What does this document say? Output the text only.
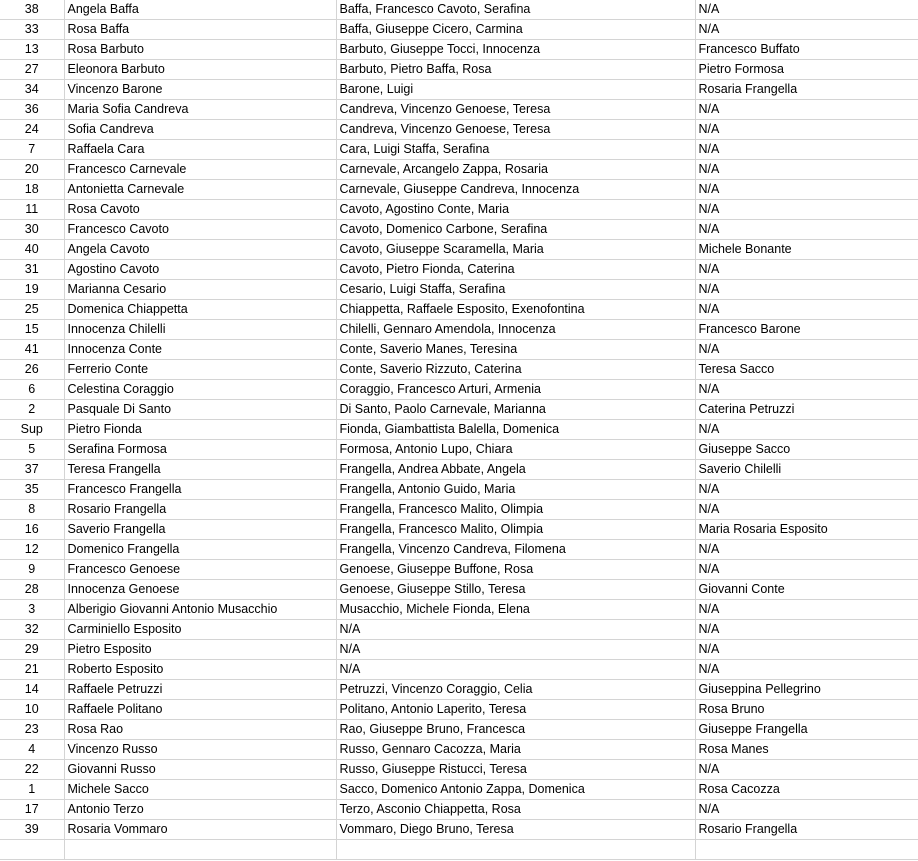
38	Angela Baffa	Baffa, Francesco Cavoto, Serafina	N/A
33	Rosa Baffa	Baffa, Giuseppe Cicero, Carmina	N/A
13	Rosa Barbuto	Barbuto, Giuseppe Tocci, Innocenza	Francesco Buffato
27	Eleonora Barbuto	Barbuto, Pietro Baffa, Rosa	Pietro Formosa
34	Vincenzo Barone	Barone, Luigi	Rosaria Frangella
36	Maria Sofia Candreva	Candreva, Vincenzo Genoese, Teresa	N/A
24	Sofia Candreva	Candreva, Vincenzo Genoese, Teresa	N/A
7	Raffaela Cara	Cara, Luigi Staffa, Serafina	N/A
20	Francesco Carnevale	Carnevale, Arcangelo Zappa, Rosaria	N/A
18	Antonietta Carnevale	Carnevale, Giuseppe Candreva, Innocenza	N/A
11	Rosa Cavoto	Cavoto, Agostino Conte, Maria	N/A
30	Francesco Cavoto	Cavoto, Domenico Carbone, Serafina	N/A
40	Angela Cavoto	Cavoto, Giuseppe Scaramella, Maria	Michele Bonante
31	Agostino Cavoto	Cavoto, Pietro Fionda, Caterina	N/A
19	Marianna Cesario	Cesario, Luigi Staffa, Serafina	N/A
25	Domenica Chiappetta	Chiappetta, Raffaele Esposito, Exenofontina	N/A
15	Innocenza Chilelli	Chilelli, Gennaro Amendola, Innocenza	Francesco Barone
41	Innocenza Conte	Conte, Saverio Manes, Teresina	N/A
26	Ferrerio Conte	Conte, Saverio Rizzuto, Caterina	Teresa Sacco
6	Celestina Coraggio	Coraggio, Francesco Arturi, Armenia	N/A
2	Pasquale Di Santo	Di Santo, Paolo Carnevale, Marianna	Caterina Petruzzi
Sup	Pietro Fionda	Fionda, Giambattista Balella, Domenica	N/A
5	Serafina Formosa	Formosa, Antonio Lupo, Chiara	Giuseppe Sacco
37	Teresa Frangella	Frangella, Andrea Abbate, Angela	Saverio Chilelli
35	Francesco Frangella	Frangella, Antonio Guido, Maria	N/A
8	Rosario Frangella	Frangella, Francesco Malito, Olimpia	N/A
16	Saverio Frangella	Frangella, Francesco Malito, Olimpia	Maria Rosaria Esposito
12	Domenico Frangella	Frangella, Vincenzo Candreva, Filomena	N/A
9	Francesco Genoese	Genoese, Giuseppe Buffone, Rosa	N/A
28	Innocenza Genoese	Genoese, Giuseppe Stillo, Teresa	Giovanni Conte
3	Alberigio Giovanni Antonio Musacchio	Musacchio, Michele Fionda, Elena	N/A
32	Carminiello Esposito	N/A	N/A
29	Pietro Esposito	N/A	N/A
21	Roberto Esposito	N/A	N/A
14	Raffaele Petruzzi	Petruzzi, Vincenzo Coraggio, Celia	Giuseppina Pellegrino
10	Raffaele Politano	Politano, Antonio Laperito, Teresa	Rosa Bruno
23	Rosa Rao	Rao, Giuseppe Bruno, Francesca	Giuseppe Frangella
4	Vincenzo Russo	Russo, Gennaro Cacozza, Maria	Rosa Manes
22	Giovanni Russo	Russo, Giuseppe Ristucci, Teresa	N/A
1	Michele Sacco	Sacco, Domenico Antonio Zappa, Domenica	Rosa Cacozza
17	Antonio Terzo	Terzo, Asconio Chiappetta, Rosa	N/A
39	Rosaria Vommaro	Vommaro, Diego Bruno, Teresa	Rosario Frangella
